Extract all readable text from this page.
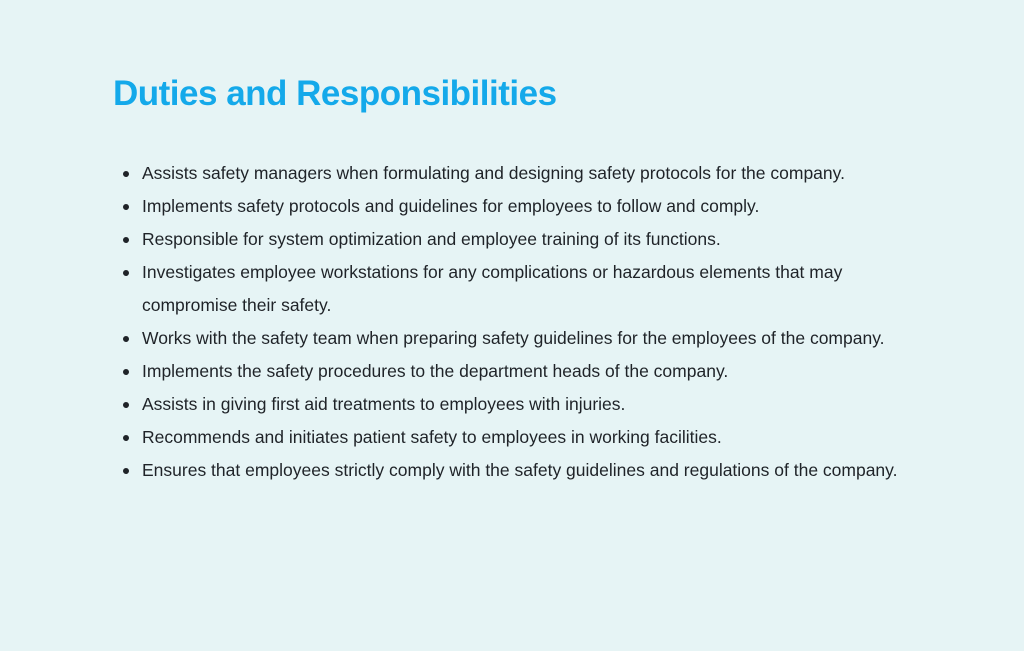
Duties and Responsibilities
Assists safety managers when formulating and designing safety protocols for the company.
Implements safety protocols and guidelines for employees to follow and comply.
Responsible for system optimization and employee training of its functions.
Investigates employee workstations for any complications or hazardous elements that may compromise their safety.
Works with the safety team when preparing safety guidelines for the employees of the company.
Implements the safety procedures to the department heads of the company.
Assists in giving first aid treatments to employees with injuries.
Recommends and initiates patient safety to employees in working facilities.
Ensures that employees strictly comply with the safety guidelines and regulations of the company.
